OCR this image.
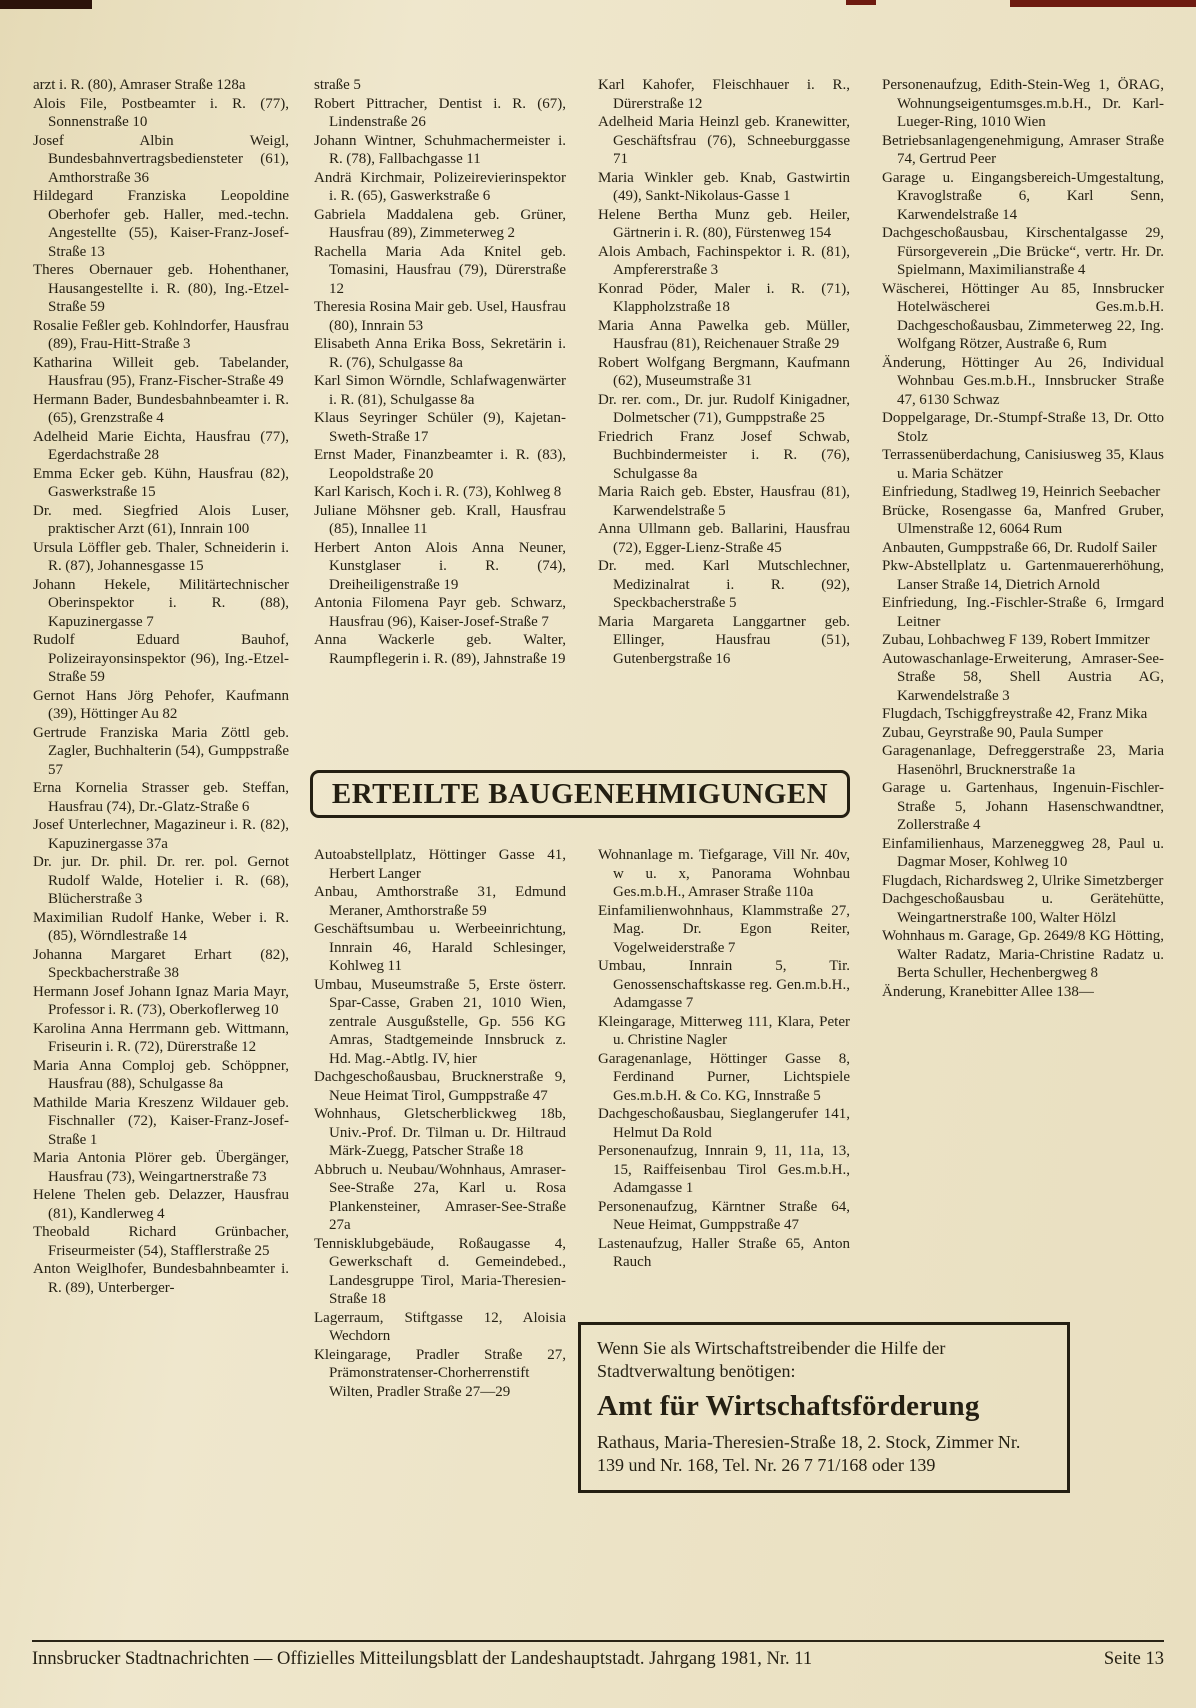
arzt i. R. (80), Amraser Straße 128a

Alois File, Postbeamter i. R. (77), Sonnenstraße 10

Josef Albin Weigl, Bundesbahnvertragsbediensteter (61), Amthorstraße 36

Hildegard Franziska Leopoldine Oberhofer geb. Haller, med.-techn. Angestellte (55), Kaiser-Franz-Josef-Straße 13

Theres Obernauer geb. Hohenthaner, Hausangestellte i. R. (80), Ing.-Etzel-Straße 59

Rosalie Feßler geb. Kohlndorfer, Hausfrau (89), Frau-Hitt-Straße 3

Katharina Willeit geb. Tabelander, Hausfrau (95), Franz-Fischer-Straße 49

Hermann Bader, Bundesbahnbeamter i. R. (65), Grenzstraße 4

Adelheid Marie Eichta, Hausfrau (77), Egerdachstraße 28

Emma Ecker geb. Kühn, Hausfrau (82), Gaswerkstraße 15

Dr. med. Siegfried Alois Luser, praktischer Arzt (61), Innrain 100

Ursula Löffler geb. Thaler, Schneiderin i. R. (87), Johannesgasse 15

Johann Hekele, Militärtechnischer Oberinspektor i. R. (88), Kapuzinergasse 7

Rudolf Eduard Bauhof, Polizeirayonsinspektor (96), Ing.-Etzel-Straße 59

Gernot Hans Jörg Pehofer, Kaufmann (39), Höttinger Au 82

Gertrude Franziska Maria Zöttl geb. Zagler, Buchhalterin (54), Gumppstraße 57

Erna Kornelia Strasser geb. Steffan, Hausfrau (74), Dr.-Glatz-Straße 6

Josef Unterlechner, Magazineur i. R. (82), Kapuzinergasse 37a

Dr. jur. Dr. phil. Dr. rer. pol. Gernot Rudolf Walde, Hotelier i. R. (68), Blücherstraße 3

Maximilian Rudolf Hanke, Weber i. R. (85), Wörndlestraße 14

Johanna Margaret Erhart (82), Speckbacherstraße 38

Hermann Josef Johann Ignaz Maria Mayr, Professor i. R. (73), Oberkoflerweg 10

Karolina Anna Herrmann geb. Wittmann, Friseurin i. R. (72), Dürerstraße 12

Maria Anna Comploj geb. Schöppner, Hausfrau (88), Schulgasse 8a

Mathilde Maria Kreszenz Wildauer geb. Fischnaller (72), Kaiser-Franz-Josef-Straße 1

Maria Antonia Plörer geb. Übergänger, Hausfrau (73), Weingartnerstraße 73

Helene Thelen geb. Delazzer, Hausfrau (81), Kandlerweg 4

Theobald Richard Grünbacher, Friseurmeister (54), Stafflerstraße 25

Anton Weiglhofer, Bundesbahnbeamter i. R. (89), Unterberger-

straße 5

Robert Pittracher, Dentist i. R. (67), Lindenstraße 26

Johann Wintner, Schuhmachermeister i. R. (78), Fallbachgasse 11

Andrä Kirchmair, Polizeirevierinspektor i. R. (65), Gaswerkstraße 6

Gabriela Maddalena geb. Grüner, Hausfrau (89), Zimmeterweg 2

Rachella Maria Ada Knitel geb. Tomasini, Hausfrau (79), Dürerstraße 12

Theresia Rosina Mair geb. Usel, Hausfrau (80), Innrain 53

Elisabeth Anna Erika Boss, Sekretärin i. R. (76), Schulgasse 8a

Karl Simon Wörndle, Schlafwagenwärter i. R. (81), Schulgasse 8a

Klaus Seyringer Schüler (9), Kajetan-Sweth-Straße 17

Ernst Mader, Finanzbeamter i. R. (83), Leopoldstraße 20

Karl Karisch, Koch i. R. (73), Kohlweg 8

Juliane Möhsner geb. Krall, Hausfrau (85), Innallee 11

Herbert Anton Alois Anna Neuner, Kunstglaser i. R. (74), Dreiheiligenstraße 19

Antonia Filomena Payr geb. Schwarz, Hausfrau (96), Kaiser-Josef-Straße 7

Anna Wackerle geb. Walter, Raumpflegerin i. R. (89), Jahnstraße 19

Karl Kahofer, Fleischhauer i. R., Dürerstraße 12

Adelheid Maria Heinzl geb. Kranewitter, Geschäftsfrau (76), Schneeburggasse 71

Maria Winkler geb. Knab, Gastwirtin (49), Sankt-Nikolaus-Gasse 1

Helene Bertha Munz geb. Heiler, Gärtnerin i. R. (80), Fürstenweg 154

Alois Ambach, Fachinspektor i. R. (81), Ampfererstraße 3

Konrad Pöder, Maler i. R. (71), Klappholzstraße 18

Maria Anna Pawelka geb. Müller, Hausfrau (81), Reichenauer Straße 29

Robert Wolfgang Bergmann, Kaufmann (62), Museumstraße 31

Dr. rer. com., Dr. jur. Rudolf Kinigadner, Dolmetscher (71), Gumppstraße 25

Friedrich Franz Josef Schwab, Buchbindermeister i. R. (76), Schulgasse 8a

Maria Raich geb. Ebster, Hausfrau (81), Karwendelstraße 5

Anna Ullmann geb. Ballarini, Hausfrau (72), Egger-Lienz-Straße 45

Dr. med. Karl Mutschlechner, Medizinalrat i. R. (92), Speckbacherstraße 5

Maria Margareta Langgartner geb. Ellinger, Hausfrau (51), Gutenbergstraße 16

Personenaufzug, Edith-Stein-Weg 1, ÖRAG, Wohnungseigentumsges.m.b.H., Dr. Karl-Lueger-Ring, 1010 Wien

Betriebsanlagengenehmigung, Amraser Straße 74, Gertrud Peer

Garage u. Eingangsbereich-Umgestaltung, Kravoglstraße 6, Karl Senn, Karwendelstraße 14

Dachgeschoßausbau, Kirschentalgasse 29, Fürsorgeverein „Die Brücke“, vertr. Hr. Dr. Spielmann, Maximilianstraße 4

Wäscherei, Höttinger Au 85, Innsbrucker Hotelwäscherei Ges.m.b.H. Dachgeschoßausbau, Zimmeterweg 22, Ing. Wolfgang Rötzer, Austraße 6, Rum

Änderung, Höttinger Au 26, Individual Wohnbau Ges.m.b.H., Innsbrucker Straße 47, 6130 Schwaz

Doppelgarage, Dr.-Stumpf-Straße 13, Dr. Otto Stolz

Terrassenüberdachung, Canisiusweg 35, Klaus u. Maria Schätzer

Einfriedung, Stadlweg 19, Heinrich Seebacher

Brücke, Rosengasse 6a, Manfred Gruber, Ulmenstraße 12, 6064 Rum

Anbauten, Gumppstraße 66, Dr. Rudolf Sailer

Pkw-Abstellplatz u. Gartenmauererhöhung, Lanser Straße 14, Dietrich Arnold

Einfriedung, Ing.-Fischler-Straße 6, Irmgard Leitner

Zubau, Lohbachweg F 139, Robert Immitzer

Autowaschanlage-Erweiterung, Amraser-See-Straße 58, Shell Austria AG, Karwendelstraße 3

Flugdach, Tschiggfreystraße 42, Franz Mika

Zubau, Geyrstraße 90, Paula Sumper

Garagenanlage, Defreggerstraße 23, Maria Hasenöhrl, Brucknerstraße 1a

Garage u. Gartenhaus, Ingenuin-Fischler-Straße 5, Johann Hasenschwandtner, Zollerstraße 4

Einfamilienhaus, Marzeneggweg 28, Paul u. Dagmar Moser, Kohlweg 10

Flugdach, Richardsweg 2, Ulrike Simetzberger

Dachgeschoßausbau u. Gerätehütte, Weingartnerstraße 100, Walter Hölzl

Wohnhaus m. Garage, Gp. 2649/8 KG Hötting, Walter Radatz, Maria-Christine Radatz u. Berta Schuller, Hechenbergweg 8

Änderung, Kranebitter Allee 138—

ERTEILTE BAUGENEHMIGUNGEN

Autoabstellplatz, Höttinger Gasse 41, Herbert Langer

Anbau, Amthorstraße 31, Edmund Meraner, Amthorstraße 59

Geschäftsumbau u. Werbeeinrichtung, Innrain 46, Harald Schlesinger, Kohlweg 11

Umbau, Museumstraße 5, Erste österr. Spar-Casse, Graben 21, 1010 Wien, zentrale Ausgußstelle, Gp. 556 KG Amras, Stadtgemeinde Innsbruck z. Hd. Mag.-Abtlg. IV, hier

Dachgeschoßausbau, Brucknerstraße 9, Neue Heimat Tirol, Gumppstraße 47

Wohnhaus, Gletscherblickweg 18b, Univ.-Prof. Dr. Tilman u. Dr. Hiltraud Märk-Zuegg, Patscher Straße 18

Abbruch u. Neubau/Wohnhaus, Amraser-See-Straße 27a, Karl u. Rosa Plankensteiner, Amraser-See-Straße 27a

Tennisklubgebäude, Roßaugasse 4, Gewerkschaft d. Gemeindebed., Landesgruppe Tirol, Maria-Theresien-Straße 18

Lagerraum, Stiftgasse 12, Aloisia Wechdorn

Kleingarage, Pradler Straße 27, Prämonstratenser-Chorherrenstift Wilten, Pradler Straße 27—29

Wohnanlage m. Tiefgarage, Vill Nr. 40v, w u. x, Panorama Wohnbau Ges.m.b.H., Amraser Straße 110a

Einfamilienwohnhaus, Klammstraße 27, Mag. Dr. Egon Reiter, Vogelweiderstraße 7

Umbau, Innrain 5, Tir. Genossenschaftskasse reg. Gen.m.b.H., Adamgasse 7

Kleingarage, Mitterweg 111, Klara, Peter u. Christine Nagler

Garagenanlage, Höttinger Gasse 8, Ferdinand Purner, Lichtspiele Ges.m.b.H. & Co. KG, Innstraße 5

Dachgeschoßausbau, Sieglangerufer 141, Helmut Da Rold

Personenaufzug, Innrain 9, 11, 11a, 13, 15, Raiffeisenbau Tirol Ges.m.b.H., Adamgasse 1

Personenaufzug, Kärntner Straße 64, Neue Heimat, Gumppstraße 47

Lastenaufzug, Haller Straße 65, Anton Rauch

Wenn Sie als Wirtschaftstreibender die Hilfe der Stadtverwaltung benötigen:

Amt für Wirtschaftsförderung

Rathaus, Maria-Theresien-Straße 18, 2. Stock, Zimmer Nr. 139 und Nr. 168, Tel. Nr. 26 7 71/168 oder 139

Innsbrucker Stadtnachrichten — Offizielles Mitteilungsblatt der Landeshauptstadt. Jahrgang 1981, Nr. 11	Seite 13
